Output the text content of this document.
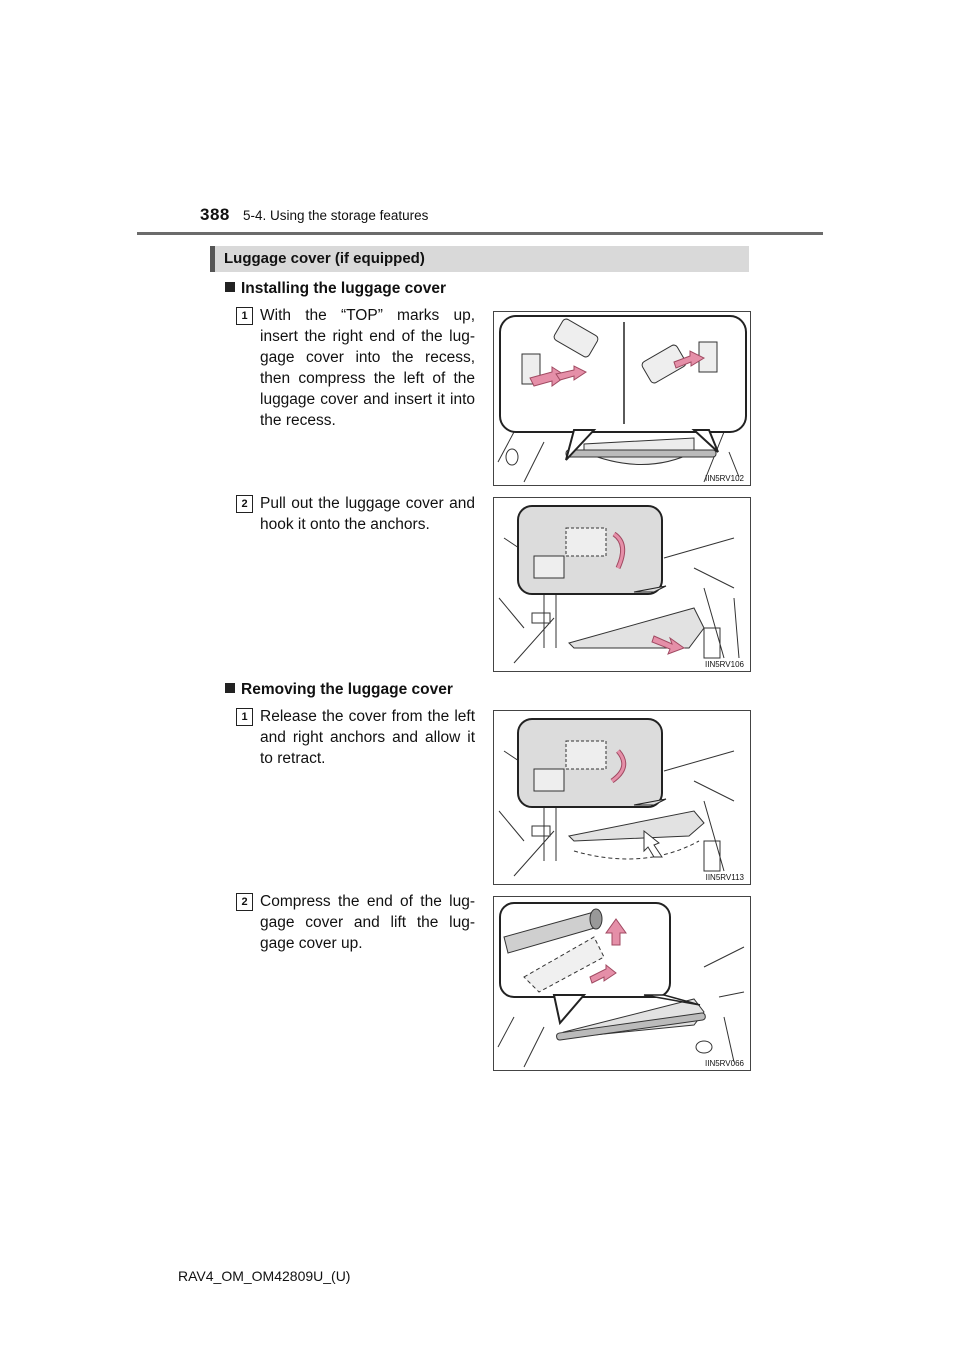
388 5-4. Using the storage features
Luggage cover (if equipped)
Installing the luggage cover
1 With the “TOP” marks up, insert the right end of the lug-gage cover into the recess, then compress the left of the luggage cover and insert it into the recess.
IIN5RV102
2 Pull out the luggage cover and hook it onto the anchors.
IIN5RV106
Removing the luggage cover
1 Release the cover from the left and right anchors and allow it to retract.
IIN5RV113
2 Compress the end of the lug-gage cover and lift the lug-gage cover up.
IIN5RV066
RAV4_OM_OM42809U_(U)
